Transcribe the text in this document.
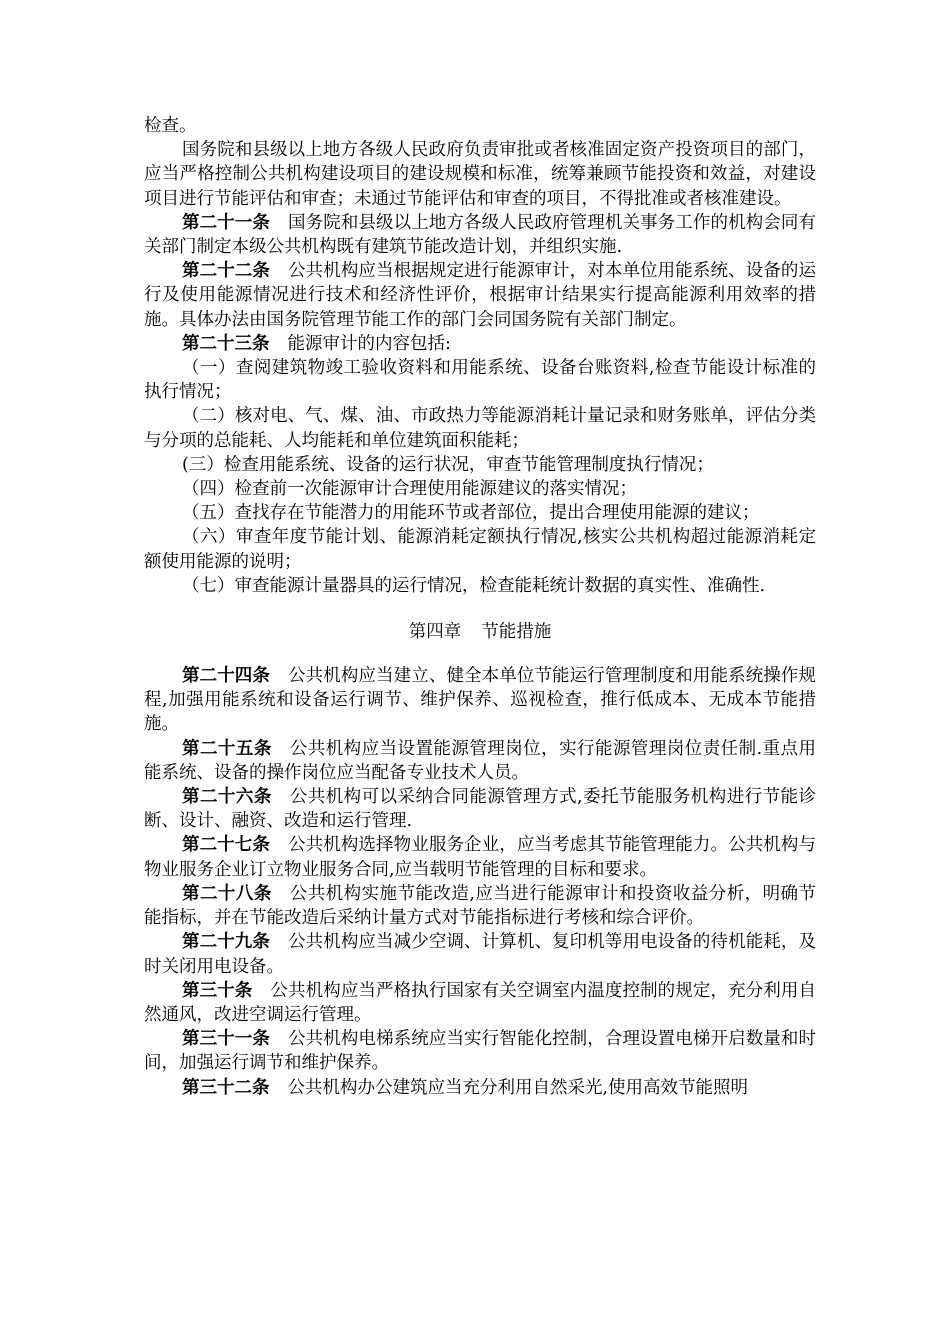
检查。

国务院和县级以上地方各级人民政府负责审批或者核准固定资产投资项目的部门，应当严格控制公共机构建设项目的建设规模和标准，统筹兼顾节能投资和效益，对建设项目进行节能评估和审查；未通过节能评估和审查的项目，不得批准或者核准建设。

第二十一条 国务院和县级以上地方各级人民政府管理机关事务工作的机构会同有关部门制定本级公共机构既有建筑节能改造计划，并组织实施.

第二十二条 公共机构应当根据规定进行能源审计，对本单位用能系统、设备的运行及使用能源情况进行技术和经济性评价，根据审计结果实行提高能源利用效率的措施。具体办法由国务院管理节能工作的部门会同国务院有关部门制定。

第二十三条 能源审计的内容包括:

（一）查阅建筑物竣工验收资料和用能系统、设备台账资料,检查节能设计标准的执行情况；

（二）核对电、气、煤、油、市政热力等能源消耗计量记录和财务账单，评估分类与分项的总能耗、人均能耗和单位建筑面积能耗；

(三）检查用能系统、设备的运行状况，审查节能管理制度执行情况；

（四）检查前一次能源审计合理使用能源建议的落实情况；

（五）查找存在节能潜力的用能环节或者部位，提出合理使用能源的建议；

（六）审查年度节能计划、能源消耗定额执行情况,核实公共机构超过能源消耗定额使用能源的说明；

（七）审查能源计量器具的运行情况，检查能耗统计数据的真实性、准确性.

第四章 节能措施

第二十四条 公共机构应当建立、健全本单位节能运行管理制度和用能系统操作规程,加强用能系统和设备运行调节、维护保养、巡视检查，推行低成本、无成本节能措施。

第二十五条 公共机构应当设置能源管理岗位，实行能源管理岗位责任制.重点用能系统、设备的操作岗位应当配备专业技术人员。

第二十六条 公共机构可以采纳合同能源管理方式,委托节能服务机构进行节能诊断、设计、融资、改造和运行管理.

第二十七条 公共机构选择物业服务企业，应当考虑其节能管理能力。公共机构与物业服务企业订立物业服务合同,应当载明节能管理的目标和要求。

第二十八条 公共机构实施节能改造,应当进行能源审计和投资收益分析，明确节能指标，并在节能改造后采纳计量方式对节能指标进行考核和综合评价。

第二十九条 公共机构应当减少空调、计算机、复印机等用电设备的待机能耗，及时关闭用电设备。

第三十条 公共机构应当严格执行国家有关空调室内温度控制的规定，充分利用自然通风，改进空调运行管理。

第三十一条 公共机构电梯系统应当实行智能化控制，合理设置电梯开启数量和时间，加强运行调节和维护保养。

第三十二条 公共机构办公建筑应当充分利用自然采光,使用高效节能照明
